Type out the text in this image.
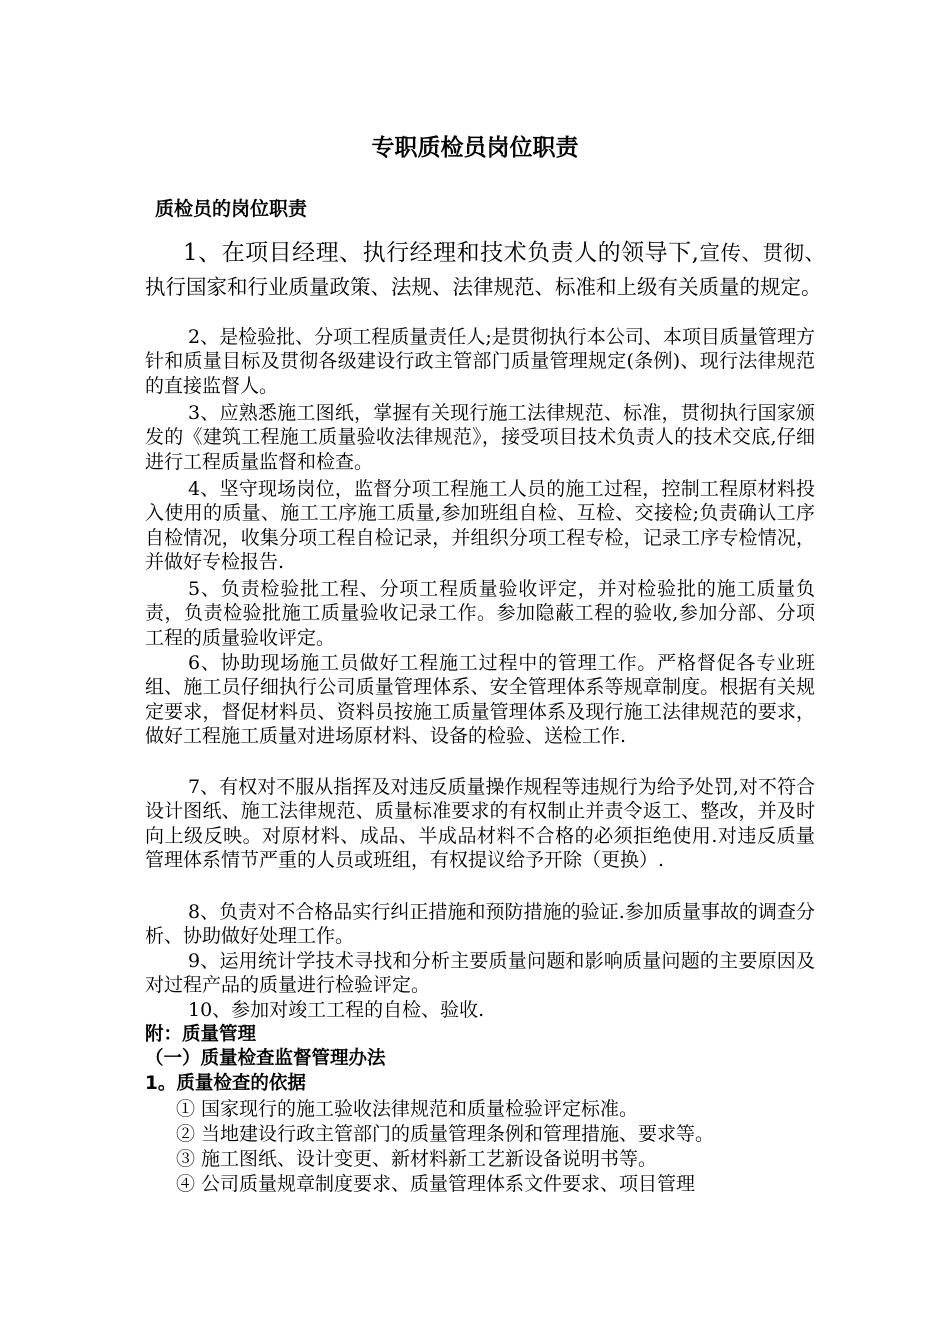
专职质检员岗位职责
质检员的岗位职责
1、在项目经理、执行经理和技术负责人的领导下,宣传、贯彻、执行国家和行业质量政策、法规、法律规范、标准和上级有关质量的规定。
2、是检验批、分项工程质量责任人;是贯彻执行本公司、本项目质量管理方针和质量目标及贯彻各级建设行政主管部门质量管理规定(条例)、现行法律规范的直接监督人。
3、应熟悉施工图纸，掌握有关现行施工法律规范、标准，贯彻执行国家颁发的《建筑工程施工质量验收法律规范》，接受项目技术负责人的技术交底,仔细进行工程质量监督和检查。
4、坚守现场岗位，监督分项工程施工人员的施工过程，控制工程原材料投入使用的质量、施工工序施工质量,参加班组自检、互检、交接检;负责确认工序自检情况，收集分项工程自检记录，并组织分项工程专检，记录工序专检情况，并做好专检报告.
5、负责检验批工程、分项工程质量验收评定，并对检验批的施工质量负责，负责检验批施工质量验收记录工作。参加隐蔽工程的验收,参加分部、分项工程的质量验收评定。
6、协助现场施工员做好工程施工过程中的管理工作。严格督促各专业班组、施工员仔细执行公司质量管理体系、安全管理体系等规章制度。根据有关规定要求，督促材料员、资料员按施工质量管理体系及现行施工法律规范的要求，做好工程施工质量对进场原材料、设备的检验、送检工作.
7、有权对不服从指挥及对违反质量操作规程等违规行为给予处罚,对不符合设计图纸、施工法律规范、质量标准要求的有权制止并责令返工、整改，并及时向上级反映。对原材料、成品、半成品材料不合格的必须拒绝使用.对违反质量管理体系情节严重的人员或班组，有权提议给予开除（更换）.
8、负责对不合格品实行纠正措施和预防措施的验证.参加质量事故的调查分析、协助做好处理工作。
9、运用统计学技术寻找和分析主要质量问题和影响质量问题的主要原因及对过程产品的质量进行检验评定。
10、参加对竣工工程的自检、验收.
附：质量管理
（一）质量检查监督管理办法
1。质量检查的依据
① 国家现行的施工验收法律规范和质量检验评定标准。
② 当地建设行政主管部门的质量管理条例和管理措施、要求等。
③ 施工图纸、设计变更、新材料新工艺新设备说明书等。
④ 公司质量规章制度要求、质量管理体系文件要求、项目管理
